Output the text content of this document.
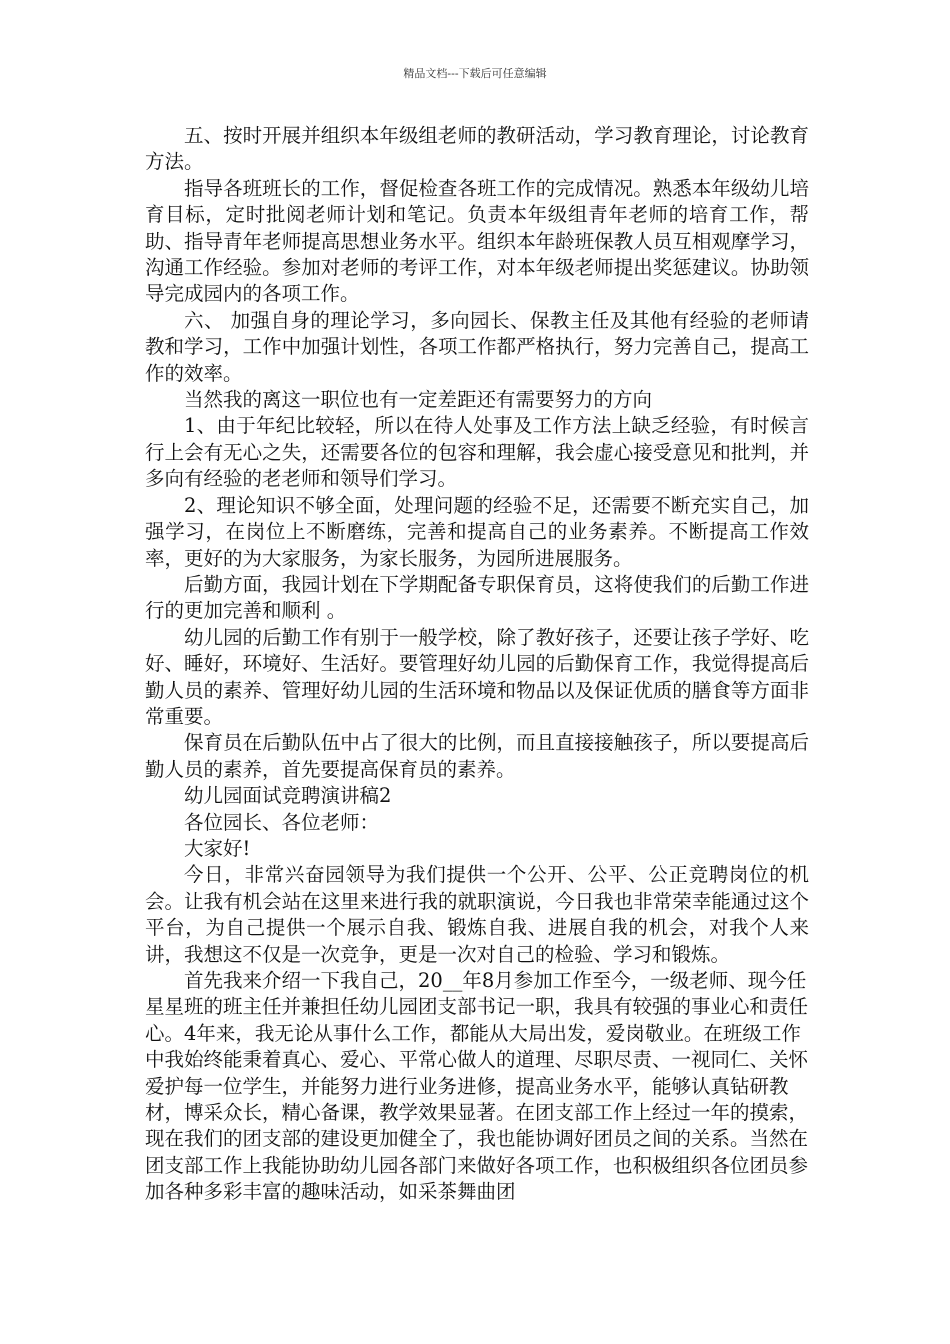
精品文档---下载后可任意编辑

五、按时开展并组织本年级组老师的教研活动，学习教育理论，讨论教育方法。

指导各班班长的工作，督促检查各班工作的完成情况。熟悉本年级幼儿培育目标，定时批阅老师计划和笔记。负责本年级组青年老师的培育工作，帮助、指导青年老师提高思想业务水平。组织本年龄班保教人员互相观摩学习，沟通工作经验。参加对老师的考评工作，对本年级老师提出奖惩建议。协助领导完成园内的各项工作。

六、 加强自身的理论学习，多向园长、保教主任及其他有经验的老师请教和学习，工作中加强计划性，各项工作都严格执行，努力完善自己，提高工作的效率。

当然我的离这一职位也有一定差距还有需要努力的方向

1、由于年纪比较轻，所以在待人处事及工作方法上缺乏经验，有时候言行上会有无心之失，还需要各位的包容和理解，我会虚心接受意见和批判，并多向有经验的老老师和领导们学习。

2、理论知识不够全面，处理问题的经验不足，还需要不断充实自己，加强学习，在岗位上不断磨练，完善和提高自己的业务素养。不断提高工作效率，更好的为大家服务，为家长服务，为园所进展服务。

后勤方面，我园计划在下学期配备专职保育员，这将使我们的后勤工作进行的更加完善和顺利 。

幼儿园的后勤工作有别于一般学校，除了教好孩子，还要让孩子学好、吃好、睡好，环境好、生活好。要管理好幼儿园的后勤保育工作，我觉得提高后勤人员的素养、管理好幼儿园的生活环境和物品以及保证优质的膳食等方面非常重要。

保育员在后勤队伍中占了很大的比例，而且直接接触孩子，所以要提高后勤人员的素养，首先要提高保育员的素养。

幼儿园面试竞聘演讲稿2

各位园长、各位老师：

大家好!

今日，非常兴奋园领导为我们提供一个公开、公平、公正竞聘岗位的机会。让我有机会站在这里来进行我的就职演说，今日我也非常荣幸能通过这个平台，为自己提供一个展示自我、锻炼自我、进展自我的机会，对我个人来讲，我想这不仅是一次竞争，更是一次对自己的检验、学习和锻炼。

首先我来介绍一下我自己，20__年8月参加工作至今，一级老师、现今任星星班的班主任并兼担任幼儿园团支部书记一职，我具有较强的事业心和责任心。4年来，我无论从事什么工作，都能从大局出发，爱岗敬业。在班级工作中我始终能秉着真心、爱心、平常心做人的道理、尽职尽责、一视同仁、关怀爱护每一位学生，并能努力进行业务进修，提高业务水平，能够认真钻研教材，博采众长，精心备课，教学效果显著。在团支部工作上经过一年的摸索，现在我们的团支部的建设更加健全了，我也能协调好团员之间的关系。当然在团支部工作上我能协助幼儿园各部门来做好各项工作，也积极组织各位团员参加各种多彩丰富的趣味活动，如采茶舞曲团
